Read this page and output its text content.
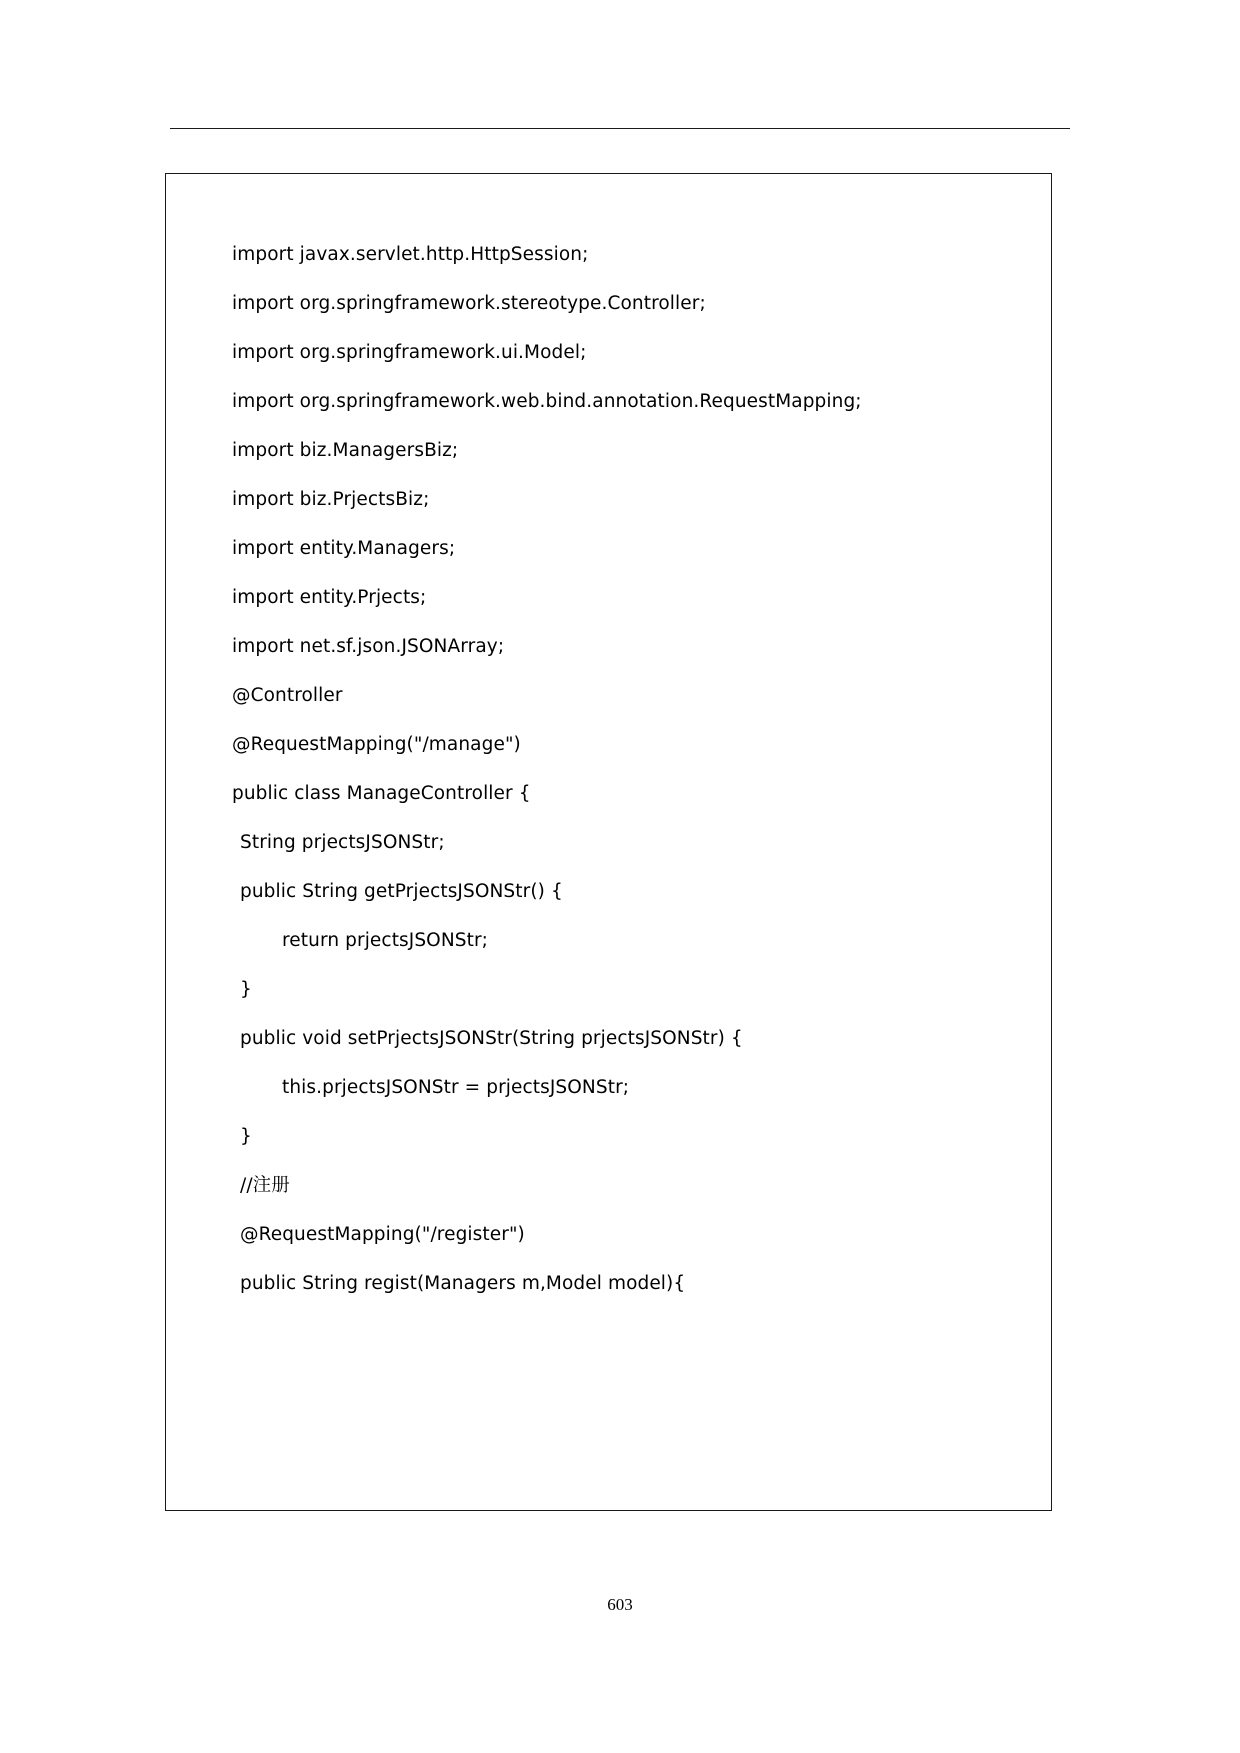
import javax.servlet.http.HttpSession;
import org.springframework.stereotype.Controller;
import org.springframework.ui.Model;
import org.springframework.web.bind.annotation.RequestMapping;
import biz.ManagersBiz;
import biz.PrjectsBiz;
import entity.Managers;
import entity.Prjects;
import net.sf.json.JSONArray;
@Controller
@RequestMapping("/manage")
public class ManageController {
String prjectsJSONStr;
public String getPrjectsJSONStr() {
return prjectsJSONStr;
}
public void setPrjectsJSONStr(String prjectsJSONStr) {
this.prjectsJSONStr = prjectsJSONStr;
}
//注册
@RequestMapping("/register")
public String regist(Managers m,Model model){
603
